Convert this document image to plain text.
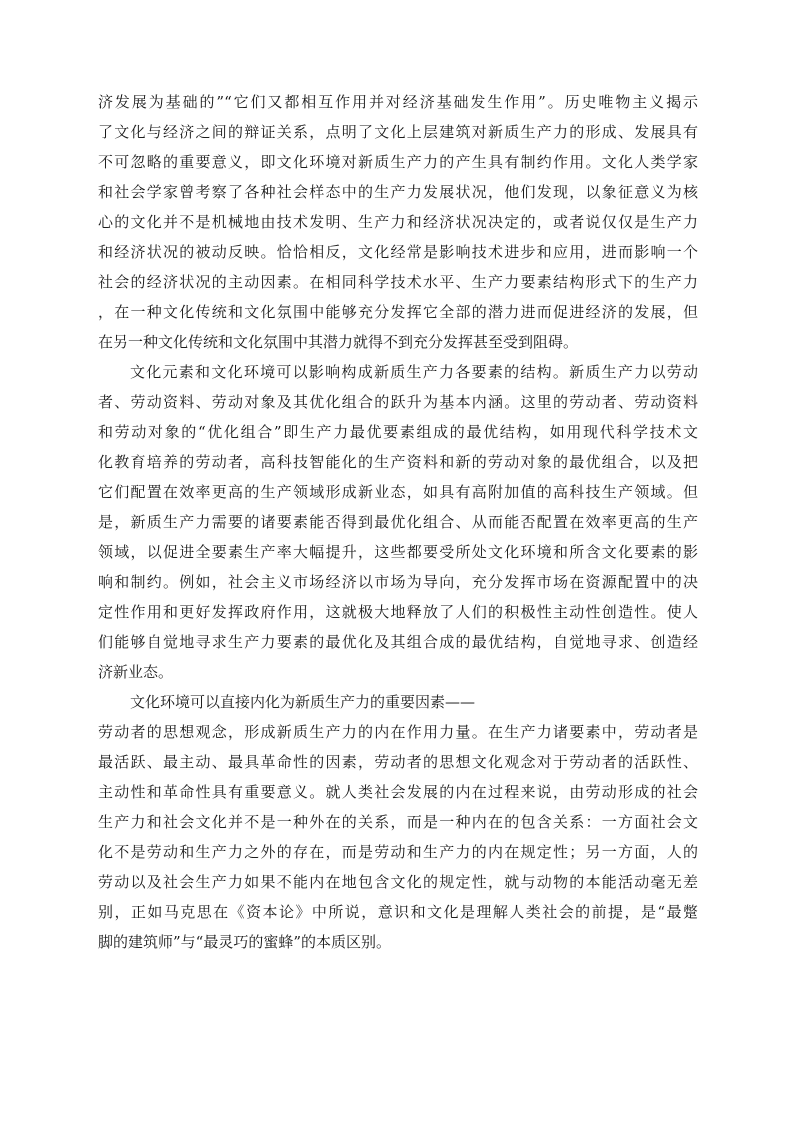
济发展为基础的”“它们又都相互作用并对经济基础发生作用”。历史唯物主义揭示
了文化与经济之间的辩证关系，点明了文化上层建筑对新质生产力的形成、发展具有
不可忽略的重要意义，即文化环境对新质生产力的产生具有制约作用。文化人类学家
和社会学家曾考察了各种社会样态中的生产力发展状况，他们发现，以象征意义为核
心的文化并不是机械地由技术发明、生产力和经济状况决定的，或者说仅仅是生产力
和经济状况的被动反映。恰恰相反，文化经常是影响技术进步和应用，进而影响一个
社会的经济状况的主动因素。在相同科学技术水平、生产力要素结构形式下的生产力
，在一种文化传统和文化氛围中能够充分发挥它全部的潜力进而促进经济的发展，但
在另一种文化传统和文化氛围中其潜力就得不到充分发挥甚至受到阻碍。
文化元素和文化环境可以影响构成新质生产力各要素的结构。新质生产力以劳动
者、劳动资料、劳动对象及其优化组合的跃升为基本内涵。这里的劳动者、劳动资料
和劳动对象的“优化组合”即生产力最优要素组成的最优结构，如用现代科学技术文
化教育培养的劳动者，高科技智能化的生产资料和新的劳动对象的最优组合，以及把
它们配置在效率更高的生产领域形成新业态，如具有高附加值的高科技生产领域。但
是，新质生产力需要的诸要素能否得到最优化组合、从而能否配置在效率更高的生产
领域，以促进全要素生产率大幅提升，这些都要受所处文化环境和所含文化要素的影
响和制约。例如，社会主义市场经济以市场为导向，充分发挥市场在资源配置中的决
定性作用和更好发挥政府作用，这就极大地释放了人们的积极性主动性创造性。使人
们能够自觉地寻求生产力要素的最优化及其组合成的最优结构，自觉地寻求、创造经
济新业态。
文化环境可以直接内化为新质生产力的重要因素——
劳动者的思想观念，形成新质生产力的内在作用力量。在生产力诸要素中，劳动者是
最活跃、最主动、最具革命性的因素，劳动者的思想文化观念对于劳动者的活跃性、
主动性和革命性具有重要意义。就人类社会发展的内在过程来说，由劳动形成的社会
生产力和社会文化并不是一种外在的关系，而是一种内在的包含关系：一方面社会文
化不是劳动和生产力之外的存在，而是劳动和生产力的内在规定性；另一方面，人的
劳动以及社会生产力如果不能内在地包含文化的规定性，就与动物的本能活动毫无差
别，正如马克思在《资本论》中所说，意识和文化是理解人类社会的前提，是“最蹩
脚的建筑师”与“最灵巧的蜜蜂”的本质区别。
